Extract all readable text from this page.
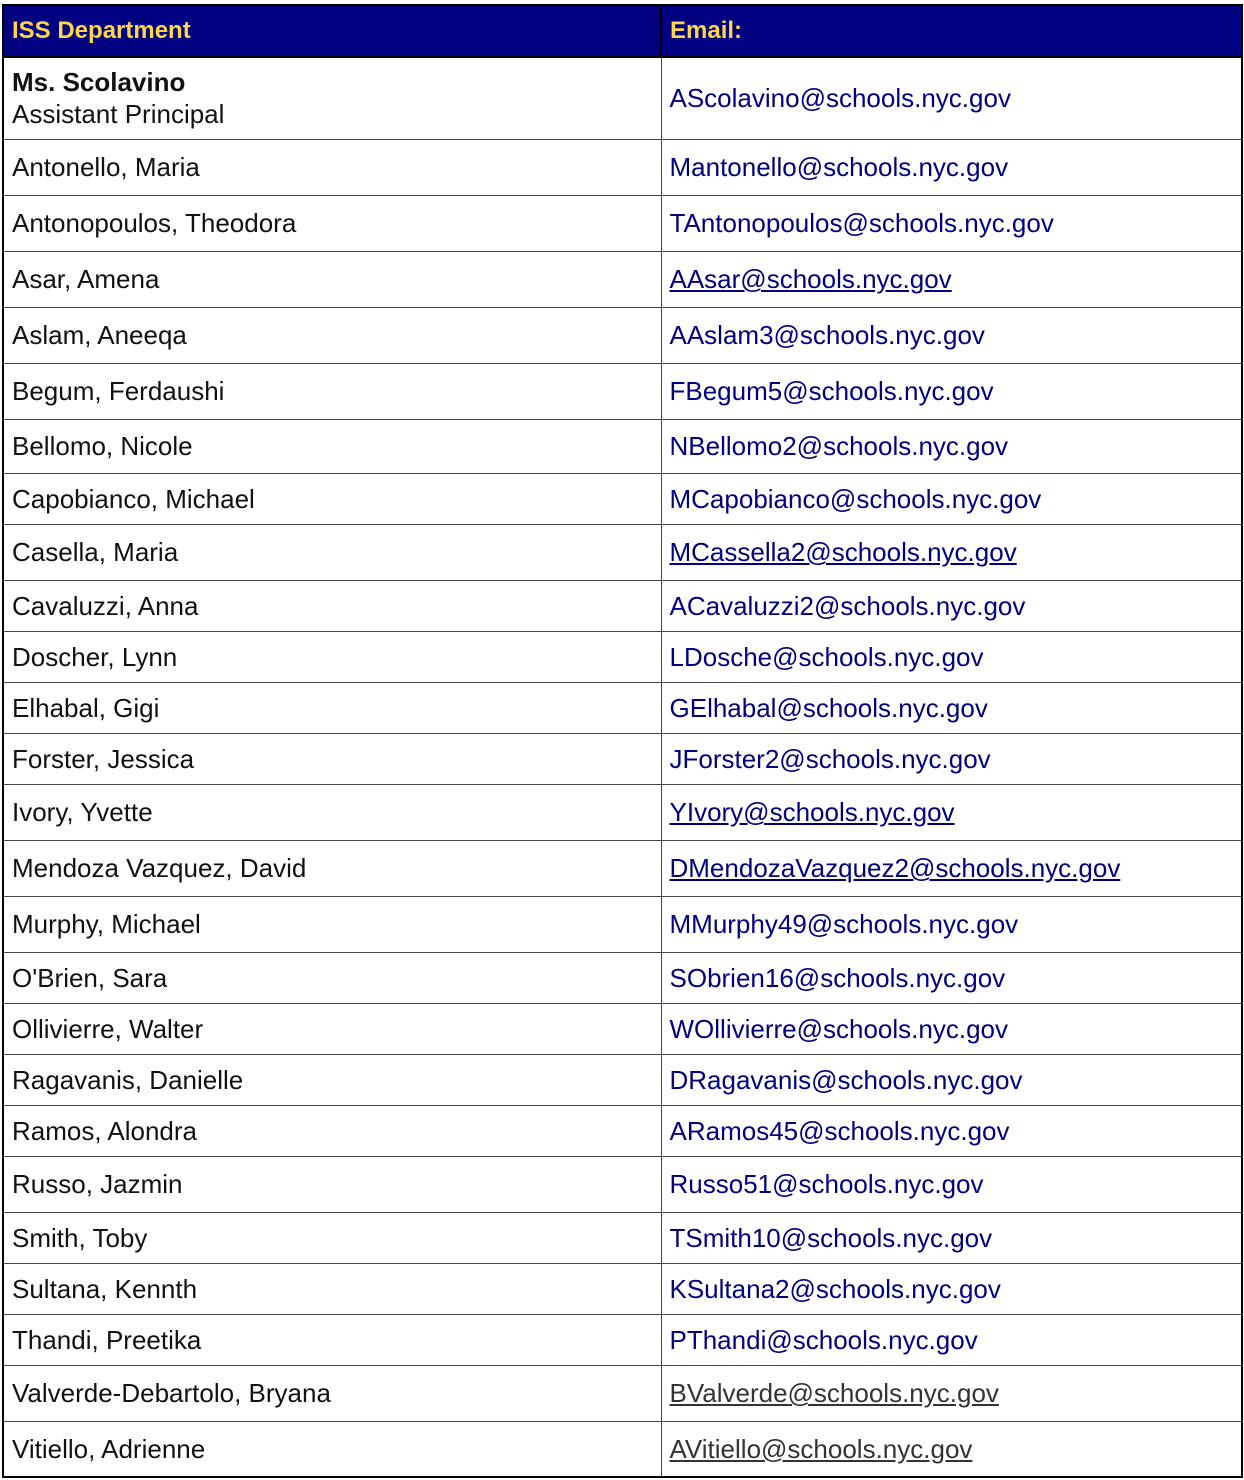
ISS Department	Email:

Ms. Scolavino
Assistant Principal	AScolavino@schools.nyc.gov
Antonello, Maria	Mantonello@schools.nyc.gov
Antonopoulos, Theodora	TAntonopoulos@schools.nyc.gov
Asar, Amena	AAsar@schools.nyc.gov
Aslam, Aneeqa	AAslam3@schools.nyc.gov
Begum, Ferdaushi	FBegum5@schools.nyc.gov
Bellomo, Nicole	NBellomo2@schools.nyc.gov
Capobianco, Michael	MCapobianco@schools.nyc.gov
Casella, Maria	MCassella2@schools.nyc.gov
Cavaluzzi, Anna	ACavaluzzi2@schools.nyc.gov
Doscher, Lynn	LDosche@schools.nyc.gov
Elhabal, Gigi	GElhabal@schools.nyc.gov
Forster, Jessica	JForster2@schools.nyc.gov
Ivory, Yvette	YIvory@schools.nyc.gov
Mendoza Vazquez, David	DMendozaVazquez2@schools.nyc.gov
Murphy, Michael	MMurphy49@schools.nyc.gov
O'Brien, Sara	SObrien16@schools.nyc.gov
Ollivierre, Walter	WOllivierre@schools.nyc.gov
Ragavanis, Danielle	DRagavanis@schools.nyc.gov
Ramos, Alondra	ARamos45@schools.nyc.gov
Russo, Jazmin	Russo51@schools.nyc.gov
Smith, Toby	TSmith10@schools.nyc.gov
Sultana, Kennth	KSultana2@schools.nyc.gov
Thandi, Preetika	PThandi@schools.nyc.gov
Valverde-Debartolo, Bryana	BValverde@schools.nyc.gov
Vitiello, Adrienne	AVitiello@schools.nyc.gov
